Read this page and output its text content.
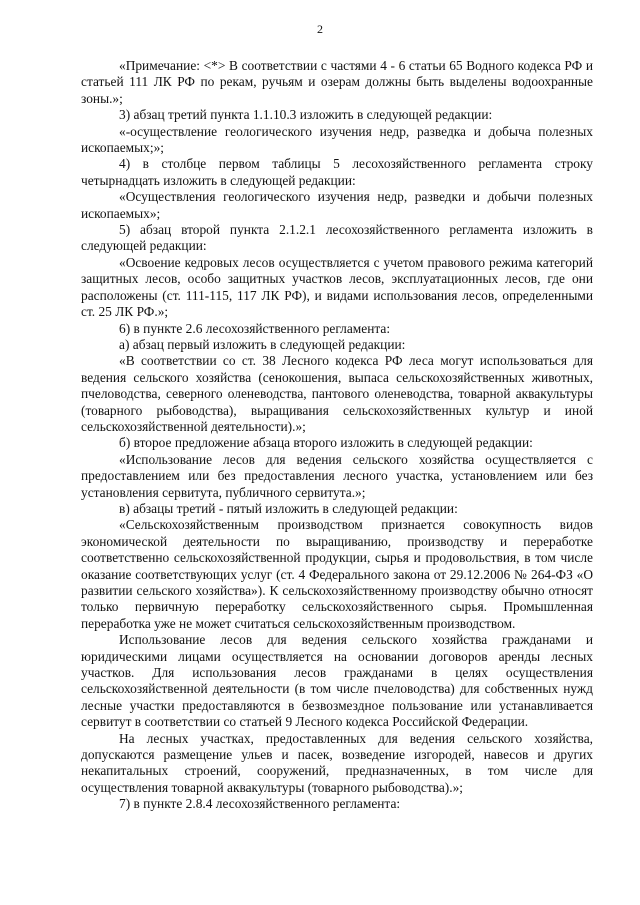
2

«Примечание: <*> В соответствии с частями 4 - 6 статьи 65 Водного кодекса РФ и статьей 111 ЛК РФ по рекам, ручьям и озерам должны быть выделены водоохранные зоны.»;

3) абзац третий пункта 1.1.10.3 изложить в следующей редакции:

«-осуществление геологического изучения недр, разведка и добыча полезных ископаемых;»;

4) в столбце первом таблицы 5 лесохозяйственного регламента строку четырнадцать изложить в следующей редакции:

«Осуществления геологического изучения недр, разведки и добычи полезных ископаемых»;

5) абзац второй пункта 2.1.2.1 лесохозяйственного регламента изложить в следующей редакции:

«Освоение кедровых лесов осуществляется с учетом правового режима категорий защитных лесов, особо защитных участков лесов, эксплуатационных лесов, где они расположены (ст. 111-115, 117 ЛК РФ), и видами использования лесов, определенными ст. 25 ЛК РФ.»;

6) в пункте 2.6 лесохозяйственного регламента:

а) абзац первый изложить в следующей редакции:

«В соответствии со ст. 38 Лесного кодекса РФ леса могут использоваться для ведения сельского хозяйства (сенокошения, выпаса сельскохозяйственных животных, пчеловодства, северного оленеводства, пантового оленеводства, товарной аквакультуры (товарного рыбоводства), выращивания сельскохозяйственных культур и иной сельскохозяйственной деятельности).»;

б) второе предложение абзаца второго изложить в следующей редакции:

«Использование лесов для ведения сельского хозяйства осуществляется с предоставлением или без предоставления лесного участка, установлением или без установления сервитута, публичного сервитута.»;

в) абзацы третий - пятый изложить в следующей редакции:

«Сельскохозяйственным производством признается совокупность видов экономической деятельности по выращиванию, производству и переработке соответственно сельскохозяйственной продукции, сырья и продовольствия, в том числе оказание соответствующих услуг (ст. 4 Федерального закона от 29.12.2006 № 264-ФЗ «О развитии сельского хозяйства»). К сельскохозяйственному производству обычно относят только первичную переработку сельскохозяйственного сырья. Промышленная переработка уже не может считаться сельскохозяйственным производством.

Использование лесов для ведения сельского хозяйства гражданами и юридическими лицами осуществляется на основании договоров аренды лесных участков. Для использования лесов гражданами в целях осуществления сельскохозяйственной деятельности (в том числе пчеловодства) для собственных нужд лесные участки предоставляются в безвозмездное пользование или устанавливается сервитут в соответствии со статьей 9 Лесного кодекса Российской Федерации.

На лесных участках, предоставленных для ведения сельского хозяйства, допускаются размещение ульев и пасек, возведение изгородей, навесов и других некапитальных строений, сооружений, предназначенных, в том числе для осуществления товарной аквакультуры (товарного рыбоводства).»;

7) в пункте 2.8.4 лесохозяйственного регламента:
